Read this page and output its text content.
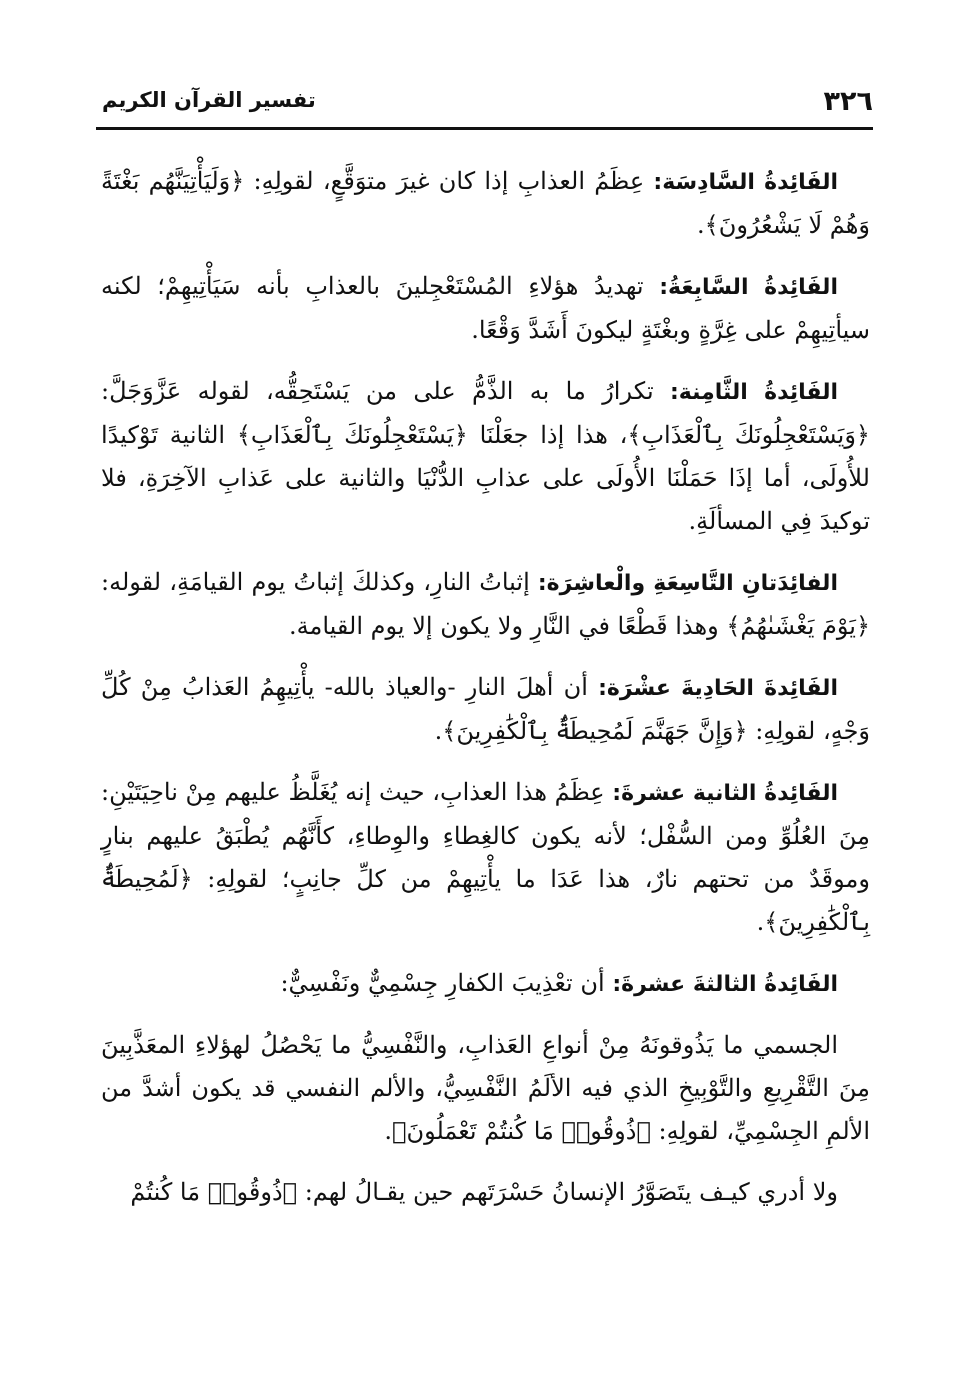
٣٢٦
تفسير القرآن الكريم

الفَائِدةُ السَّادِسَة: عِظَمُ العذابِ إذا كان غيرَ متوَقَّعٍ، لقولِهِ: ﴿وَلَيَأْتِيَنَّهُم بَغْتَةً وَهُمْ لَا يَشْعُرُونَ﴾.

الفَائِدةُ السَّابِعَةُ: تهديدُ هؤلاءِ المُسْتَعْجِلينَ بالعذابِ بأنه سَيَأْتِيهِمْ؛ لكنه سيأتِيهِمْ على غِرَّةٍ وبغْتَةٍ ليكونَ أَشَدَّ وَقْعًا.

الفَائِدةُ الثَّامِنة: تكرارُ ما به الذَّمُّ على من يَسْتَحِقُّه، لقوله عَزَّوَجَلَّ: ﴿وَيَسْتَعْجِلُونَكَ بِٱلْعَذَابِ﴾، هذا إذا جعَلْنَا ﴿يَسْتَعْجِلُونَكَ بِٱلْعَذَابِ﴾ الثانية تَوْكيدًا للأُولَى، أما إذَا حَمَلْنَا الأُولَى على عذابِ الدُّنْيَا والثانية على عَذابِ الآخِرَةِ، فلا توكيدَ فِي المسألَةِ.

الفائِدَتانِ التَّاسِعَةِ والْعاشِرَة: إثباتُ النارِ، وكذلكَ إثباتُ يوم القيامَةِ، لقوله: ﴿يَوْمَ يَغْشَىٰهُمُ﴾ وهذا قَطْعًا في النَّارِ ولا يكون إلا يوم القيامة.

الفَائِدةَ الحَادِيةَ عشْرَة: أن أهلَ النارِ -والعياذ بالله- يأْتِيهِمُ العَذابُ مِنْ كُلِّ وَجْهٍ، لقولِهِ: ﴿وَإِنَّ جَهَنَّمَ لَمُحِيطَةٌۢ بِٱلْكَٰفِرِينَ﴾.

الفَائِدةُ الثانية عشرةَ: عِظَمُ هذا العذابِ، حيث إنه يُغَلَّظُ عليهم مِنْ ناحِيَتَيْنِ: مِنَ العُلُوِّ ومن السُّفْل؛ لأنه يكون كالغِطاءِ والوِطاءِ، كأَنَّهُم يُطْبَقُ عليهم بنارٍ وموقَدٌ من تحتهم نارٌ، هذا عَدَا ما يأْتِيهِمْ من كلِّ جانِبٍ؛ لقولِهِ: ﴿لَمُحِيطَةٌۢ بِٱلْكَٰفِرِينَ﴾.

الفَائِدةُ الثالثةَ عشرةَ: أن تعْذِيبَ الكفارِ جِسْمِيٌّ ونَفْسِيٌّ:

الجسمي ما يَذُوقونَهُ مِنْ أنواعِ العَذابِ، والنَّفْسِيُّ ما يَحْصُلُ لهؤلاءِ المعَذَّبِينَ مِنَ التَّقْرِيعِ والتَّوْبِيخِ الذي فيه الألَمُ النَّفْسِيُّ، والألم النفسي قد يكون أشدَّ من الألمِ الجِسْمِيِّ، لقولِهِ: ﴿ذُوقُوا۟ مَا كُنتُمْ تَعْمَلُونَ﴾.

ولا أدري كيـف يتَصَوَّرُ الإنسانُ حَسْرَتَهم حين يقـالُ لهم: ﴿ذُوقُوا۟ مَا كُنتُمْ
